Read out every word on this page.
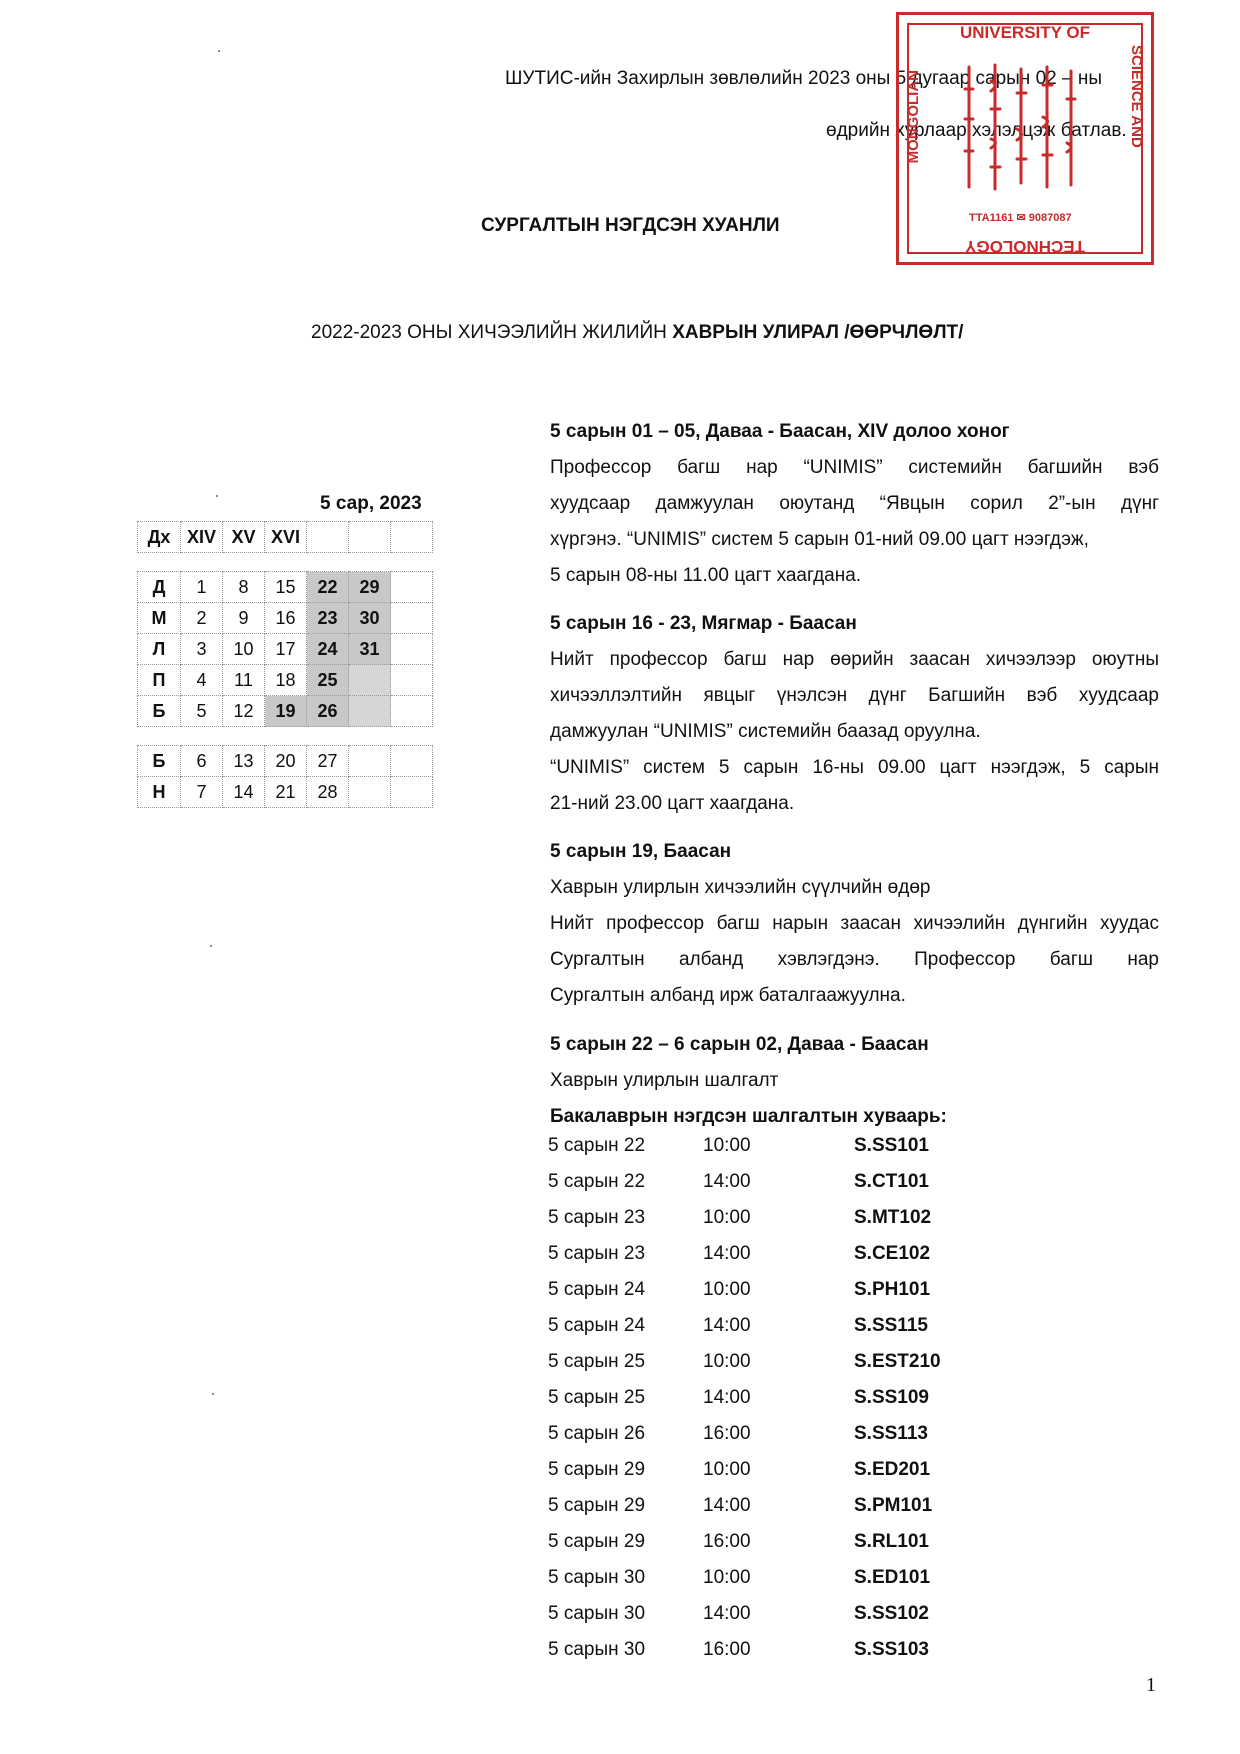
ШУТИС-ийн Захирлын зөвлөлийн 2023 оны 5 дугаар сарын 02 – ны
өдрийн хурлаар хэлэлцэж батлав.
UNIVERSITY OF
MONGOLIAN	SCIENCE AND
TECHNOLOGY
TTA1161 ✉ 9087087
СУРГАЛТЫН НЭГДСЭН ХУАНЛИ
2022-2023 ОНЫ ХИЧЭЭЛИЙН ЖИЛИЙН ХАВРЫН УЛИРАЛ /ӨӨРЧЛӨЛТ/
5 сар, 2023
Дх	XIV	XV	XVI			
Д	1	8	15	22	29	
М	2	9	16	23	30	
Л	3	10	17	24	31	
П	4	11	18	25		
Б	5	12	19	26		
Б	6	13	20	27		
Н	7	14	21	28		
5 сарын 01 – 05, Даваа - Баасан, XIV долоо хоног
Профессор багш нар “UNIMIS” системийн багшийн вэб
хуудсаар дамжуулан оюутанд “Явцын сорил 2”-ын дүнг
хүргэнэ. “UNIMIS” систем 5 сарын 01-ний 09.00 цагт нээгдэж,
5 сарын 08-ны 11.00 цагт хаагдана.
5 сарын 16 - 23, Мягмар - Баасан
Нийт профессор багш нар өөрийн заасан хичээлээр оюутны
хичээллэлтийн явцыг үнэлсэн дүнг Багшийн вэб хуудсаар
дамжуулан “UNIMIS” системийн баазад оруулна.
“UNIMIS” систем 5 сарын 16-ны 09.00 цагт нээгдэж, 5 сарын
21-ний 23.00 цагт хаагдана.
5 сарын 19, Баасан
Хаврын улирлын хичээлийн сүүлчийн өдөр
Нийт профессор багш нарын заасан хичээлийн дүнгийн хуудас
Сургалтын албанд хэвлэгдэнэ. Профессор багш нар
Сургалтын албанд ирж баталгаажуулна.
5 сарын 22 – 6 сарын 02, Даваа - Баасан
Хаврын улирлын шалгалт
Бакалаврын нэгдсэн шалгалтын хуваарь:
5 сарын 22	10:00	S.SS101
5 сарын 22	14:00	S.CT101
5 сарын 23	10:00	S.MT102
5 сарын 23	14:00	S.CE102
5 сарын 24	10:00	S.PH101
5 сарын 24	14:00	S.SS115
5 сарын 25	10:00	S.EST210
5 сарын 25	14:00	S.SS109
5 сарын 26	16:00	S.SS113
5 сарын 29	10:00	S.ED201
5 сарын 29	14:00	S.PM101
5 сарын 29	16:00	S.RL101
5 сарын 30	10:00	S.ED101
5 сарын 30	14:00	S.SS102
5 сарын 30	16:00	S.SS103
1
